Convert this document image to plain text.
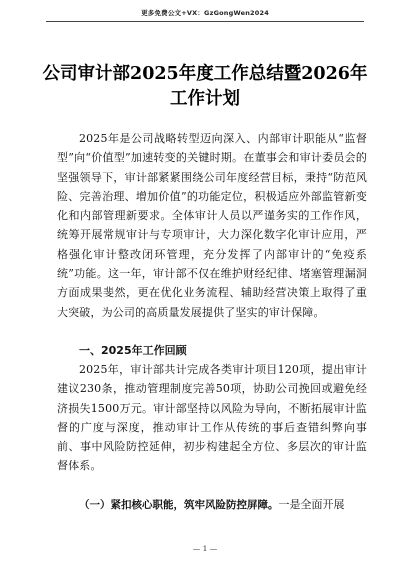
更多免费公文+VX：GzGongWen2024
公司审计部2025年度工作总结暨2026年
工作计划

2025年是公司战略转型迈向深入、内部审计职能从“监督型”向“价值型”加速转变的关键时期。在董事会和审计委员会的坚强领导下，审计部紧紧围绕公司年度经营目标，秉持“防范风险、完善治理、增加价值”的功能定位，积极适应外部监管新变化和内部管理新要求。全体审计人员以严谨务实的工作作风，统筹开展常规审计与专项审计，大力深化数字化审计应用，严格强化审计整改闭环管理，充分发挥了内部审计的“免疫系统”功能。这一年，审计部不仅在维护财经纪律、堵塞管理漏洞方面成果斐然，更在优化业务流程、辅助经营决策上取得了重大突破，为公司的高质量发展提供了坚实的审计保障。

一、2025年工作回顾

2025年，审计部共计完成各类审计项目120项，提出审计建议230条，推动管理制度完善50项，协助公司挽回或避免经济损失1500万元。审计部坚持以风险为导向，不断拓展审计监督的广度与深度，推动审计工作从传统的事后查错纠弊向事前、事中风险防控延伸，初步构建起全方位、多层次的审计监督体系。

（一）紧扣核心职能，筑牢风险防控屏障。一是全面开展

— 1 —
